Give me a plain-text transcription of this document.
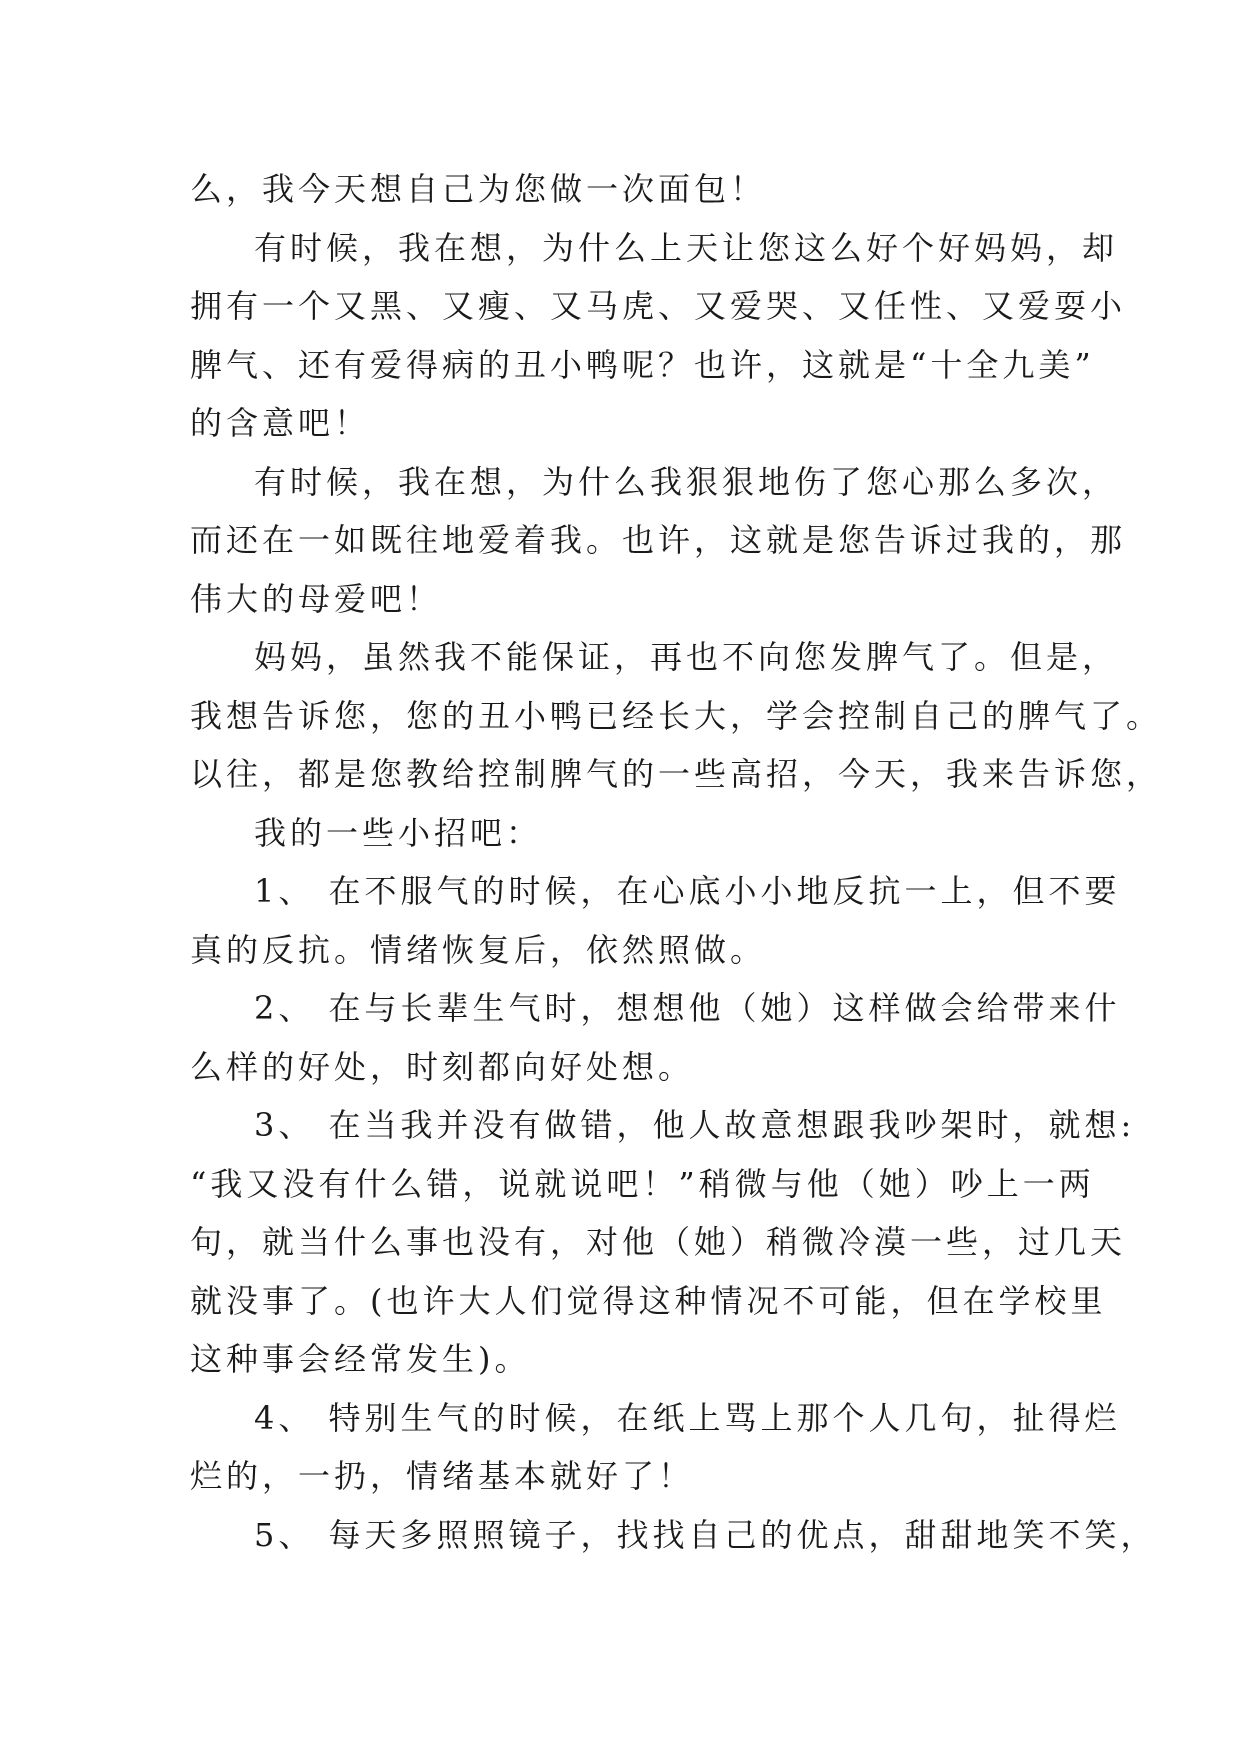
么，我今天想自己为您做一次面包！
有时候，我在想，为什么上天让您这么好个好妈妈，却
拥有一个又黑、又瘦、又马虎、又爱哭、又任性、又爱耍小
脾气、还有爱得病的丑小鸭呢？也许，这就是“十全九美”
的含意吧！
有时候，我在想，为什么我狠狠地伤了您心那么多次，
而还在一如既往地爱着我。也许，这就是您告诉过我的，那
伟大的母爱吧！
妈妈，虽然我不能保证，再也不向您发脾气了。但是，
我想告诉您，您的丑小鸭已经长大，学会控制自己的脾气了。
以往，都是您教给控制脾气的一些高招，今天，我来告诉您，
我的一些小招吧：
1、 在不服气的时候，在心底小小地反抗一上，但不要
真的反抗。情绪恢复后，依然照做。
2、 在与长辈生气时，想想他（她）这样做会给带来什
么样的好处，时刻都向好处想。
3、 在当我并没有做错，他人故意想跟我吵架时，就想:
“我又没有什么错，说就说吧！”稍微与他（她）吵上一两
句，就当什么事也没有，对他（她）稍微冷漠一些，过几天
就没事了。(也许大人们觉得这种情况不可能，但在学校里
这种事会经常发生)。
4、 特别生气的时候，在纸上骂上那个人几句，扯得烂
烂的，一扔，情绪基本就好了！
5、 每天多照照镜子，找找自己的优点，甜甜地笑不笑，
